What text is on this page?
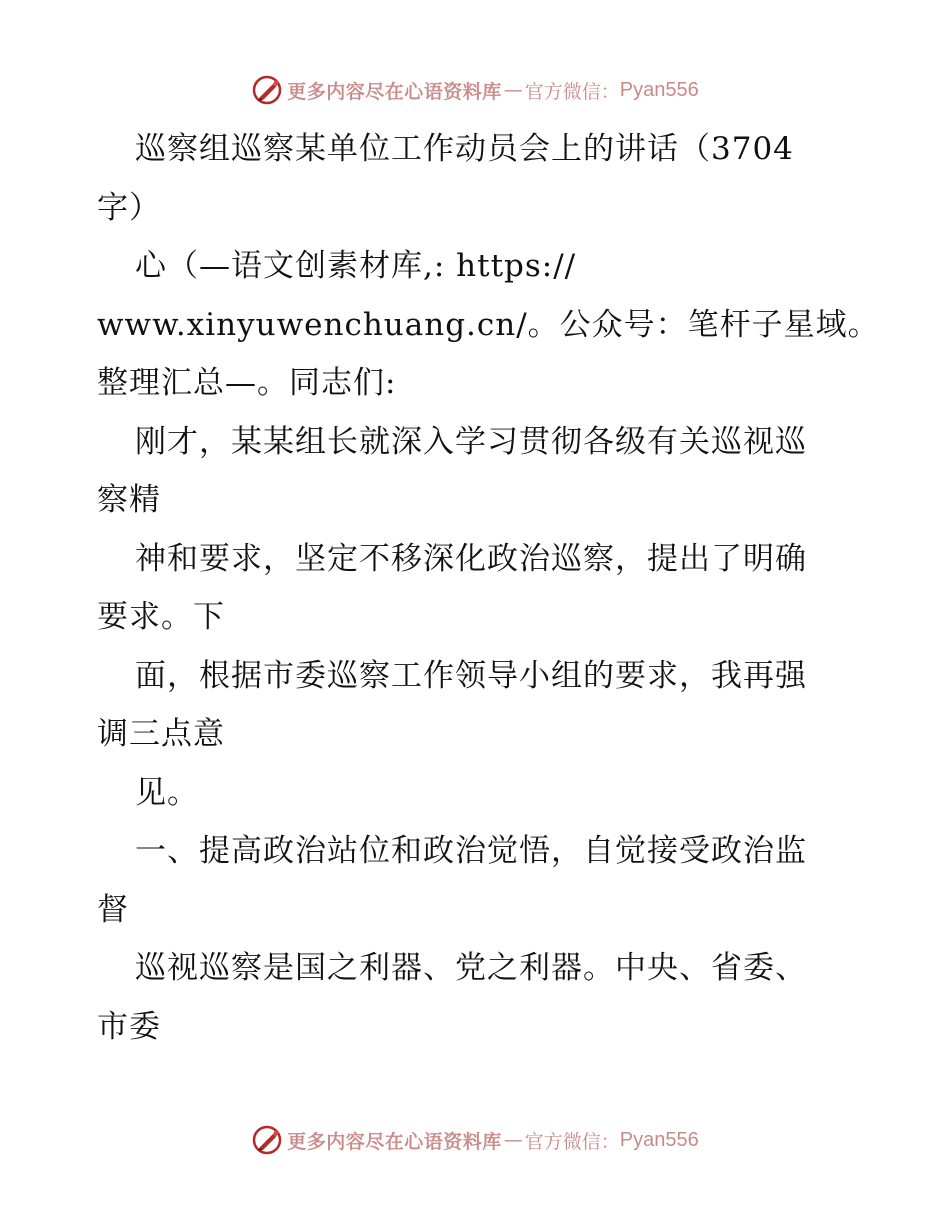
更多内容尽在心语资料库 — 官方微信： Pyan556
巡察组巡察某单位工作动员会上的讲话（3704
字）
心（—语文创素材库,: https://
www.xinyuwenchuang.cn/。公众号：笔杆子星域。
整理汇总—。同志们:
刚才，某某组长就深入学习贯彻各级有关巡视巡
察精
神和要求，坚定不移深化政治巡察，提出了明确
要求。下
面，根据市委巡察工作领导小组的要求，我再强
调三点意
见。
一、提高政治站位和政治觉悟，自觉接受政治监
督
巡视巡察是国之利器、党之利器。中央、省委、
市委
更多内容尽在心语资料库 — 官方微信： Pyan556
